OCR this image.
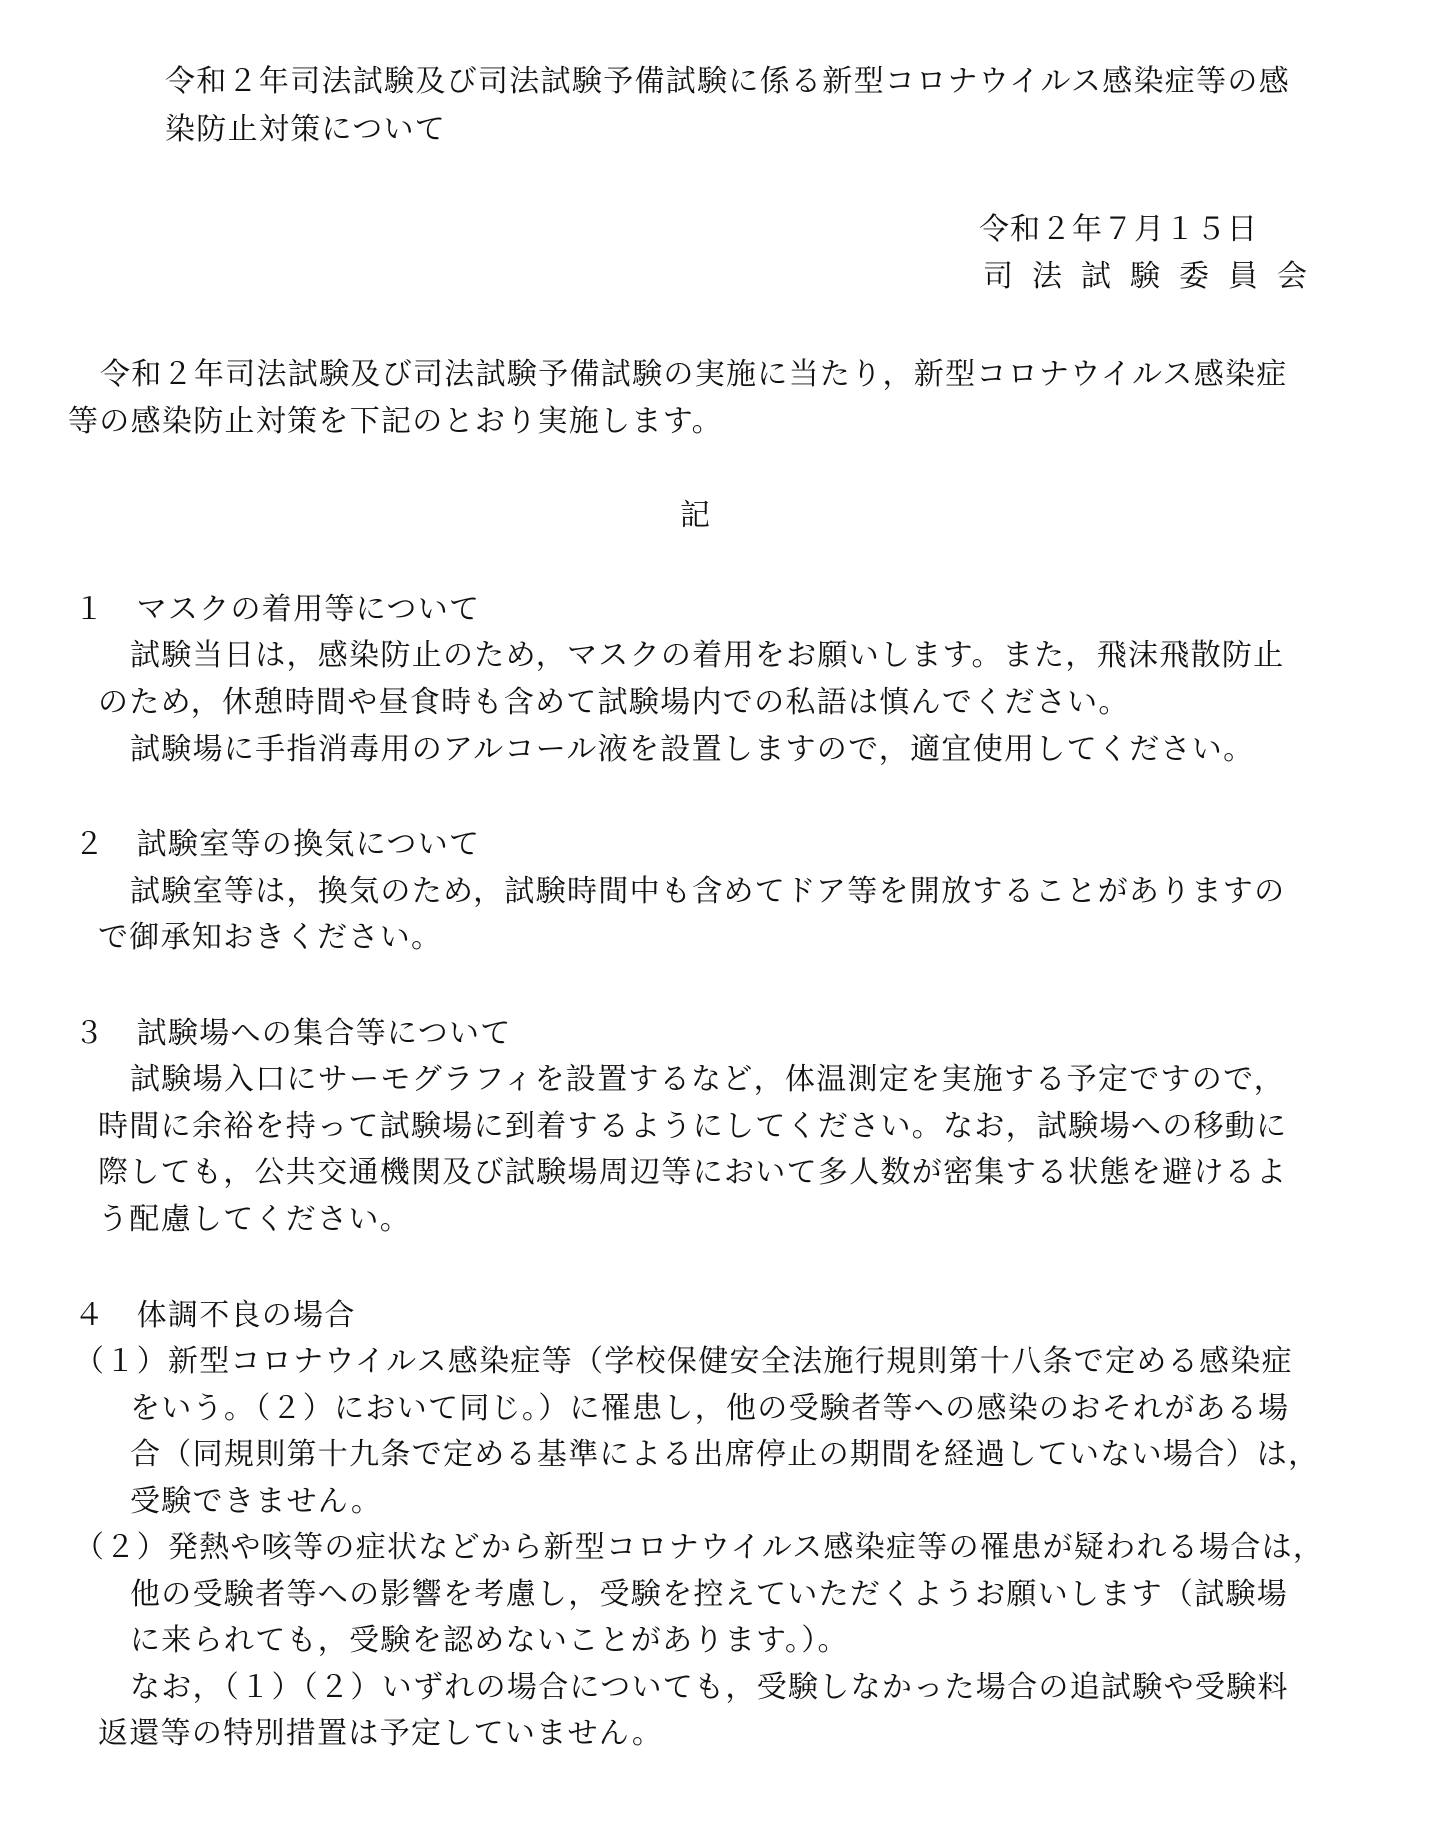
令和２年司法試験及び司法試験予備試験に係る新型コロナウイルス感染症等の感

染防止対策について

令和２年７月１５日

司法試験委員会

令和２年司法試験及び司法試験予備試験の実施に当たり，新型コロナウイルス感染症

等の感染防止対策を下記のとおり実施します。

記

１　マスクの着用等について

試験当日は，感染防止のため，マスクの着用をお願いします。また，飛沫飛散防止

のため，休憩時間や昼食時も含めて試験場内での私語は慎んでください。

試験場に手指消毒用のアルコール液を設置しますので，適宜使用してください。

２　試験室等の換気について

試験室等は，換気のため，試験時間中も含めてドア等を開放することがありますの

で御承知おきください。

３　試験場への集合等について

試験場入口にサーモグラフィを設置するなど，体温測定を実施する予定ですので，

時間に余裕を持って試験場に到着するようにしてください。なお，試験場への移動に

際しても，公共交通機関及び試験場周辺等において多人数が密集する状態を避けるよ

う配慮してください。

４　体調不良の場合

（１）新型コロナウイルス感染症等（学校保健安全法施行規則第十八条で定める感染症

をいう。（２）において同じ。）に罹患し，他の受験者等への感染のおそれがある場

合（同規則第十九条で定める基準による出席停止の期間を経過していない場合）は，

受験できません。

（２）発熱や咳等の症状などから新型コロナウイルス感染症等の罹患が疑われる場合は，

他の受験者等への影響を考慮し，受験を控えていただくようお願いします（試験場

に来られても，受験を認めないことがあります。）。

なお，（１）（２）いずれの場合についても，受験しなかった場合の追試験や受験料

返還等の特別措置は予定していません。
